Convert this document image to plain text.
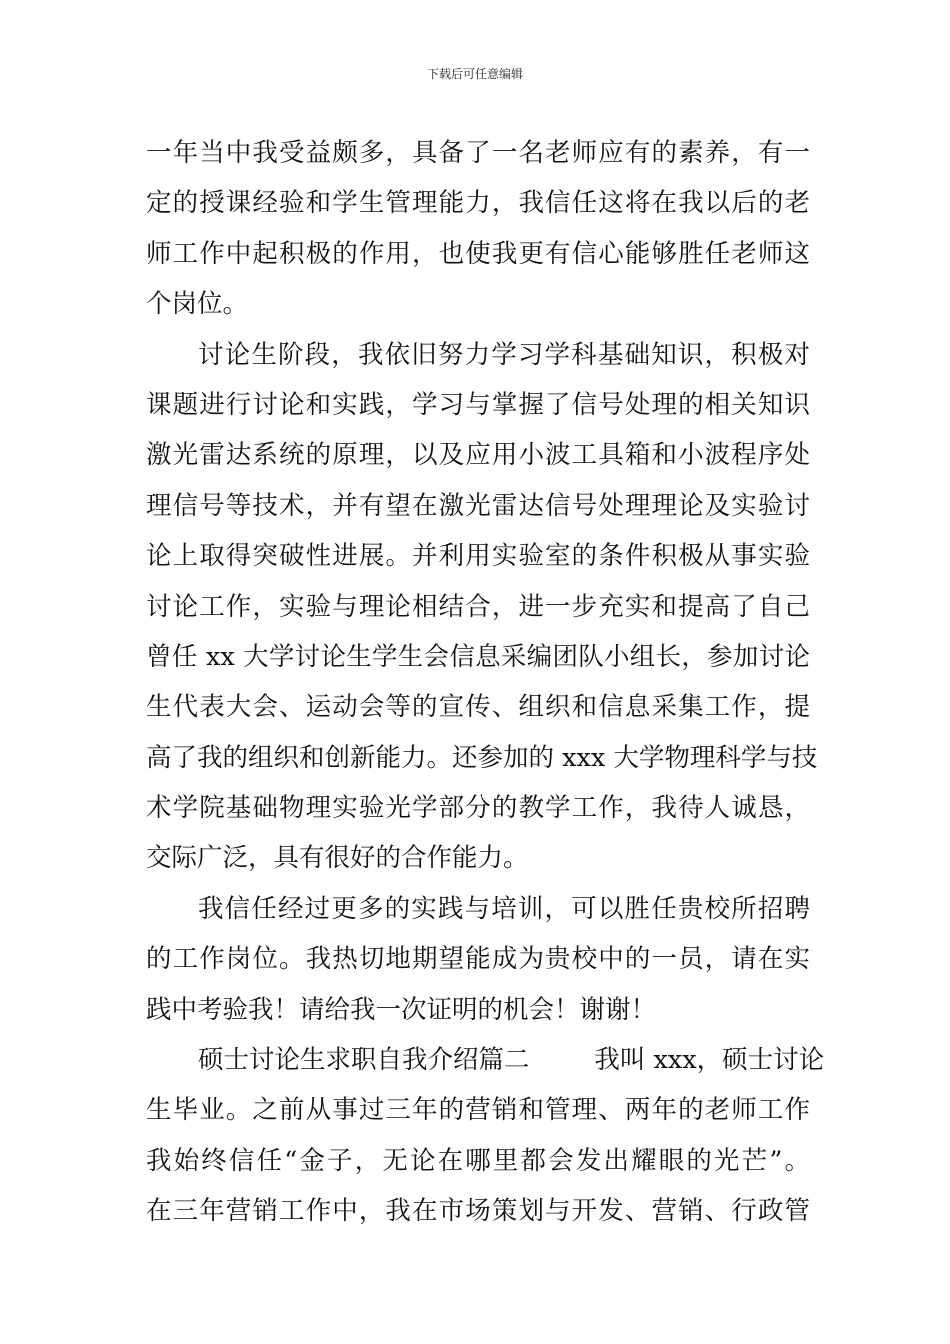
下载后可任意编辑
一年当中我受益颇多，具备了一名老师应有的素养，有一
定的授课经验和学生管理能力，我信任这将在我以后的老
师工作中起积极的作用，也使我更有信心能够胜任老师这
个岗位。
讨论生阶段，我依旧努力学习学科基础知识，积极对
课题进行讨论和实践，学习与掌握了信号处理的相关知识
激光雷达系统的原理，以及应用小波工具箱和小波程序处
理信号等技术，并有望在激光雷达信号处理理论及实验讨
论上取得突破性进展。并利用实验室的条件积极从事实验
讨论工作，实验与理论相结合，进一步充实和提高了自己
曾任 xx 大学讨论生学生会信息采编团队小组长，参加讨论
生代表大会、运动会等的宣传、组织和信息采集工作，提
高了我的组织和创新能力。还参加的 xxx 大学物理科学与技
术学院基础物理实验光学部分的教学工作，我待人诚恳，
交际广泛，具有很好的合作能力。
我信任经过更多的实践与培训，可以胜任贵校所招聘
的工作岗位。我热切地期望能成为贵校中的一员，请在实
践中考验我！请给我一次证明的机会！谢谢！
硕士讨论生求职自我介绍篇二        我叫 xxx，硕士讨论
生毕业。之前从事过三年的营销和管理、两年的老师工作
我始终信任“金子，无论在哪里都会发出耀眼的光芒”。
在三年营销工作中，我在市场策划与开发、营销、行政管
